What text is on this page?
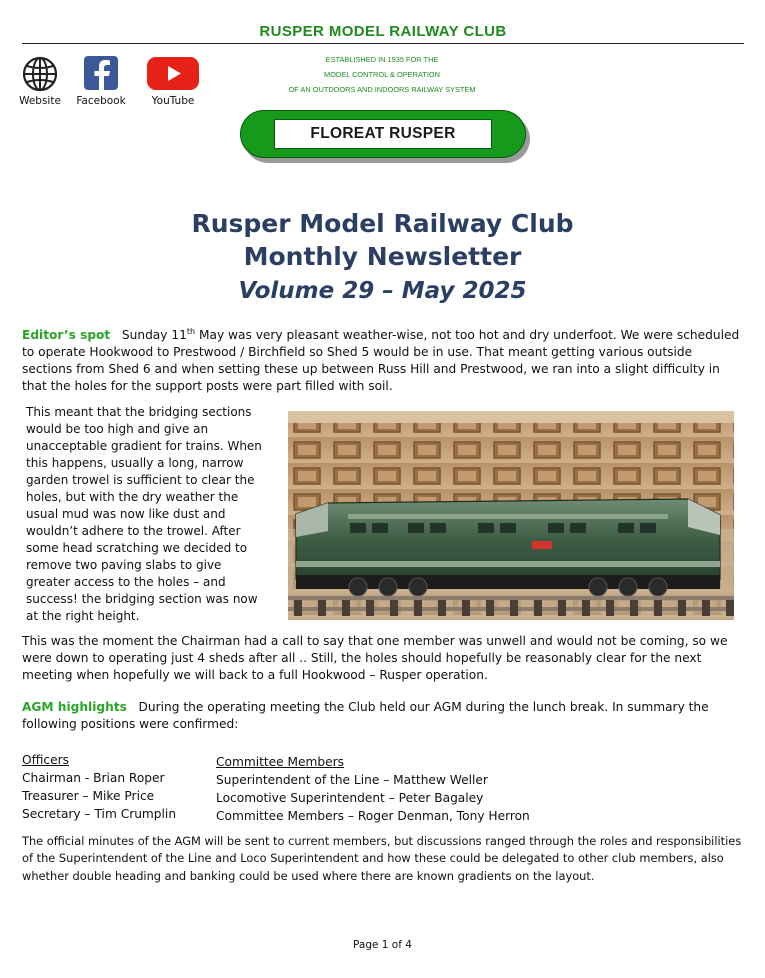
RUSPER MODEL RAILWAY CLUB
Website	Facebook	YouTube
ESTABLISHED IN 1935 FOR THE
MODEL CONTROL & OPERATION
OF AN OUTDOORS AND INDOORS RAILWAY SYSTEM
FLOREAT RUSPER
Rusper Model Railway Club
Monthly Newsletter
Volume 29 – May 2025
Editor’s spot Sunday 11th May was very pleasant weather-wise, not too hot and dry underfoot. We were scheduled to operate Hookwood to Prestwood / Birchfield so Shed 5 would be in use. That meant getting various outside sections from Shed 6 and when setting these up between Russ Hill and Prestwood, we ran into a slight difficulty in that the holes for the support posts were part filled with soil.
This meant that the bridging sections would be too high and give an unacceptable gradient for trains. When this happens, usually a long, narrow garden trowel is sufficient to clear the holes, but with the dry weather the usual mud was now like dust and wouldn’t adhere to the trowel. After some head scratching we decided to remove two paving slabs to give greater access to the holes – and success! the bridging section was now at the right height.
This was the moment the Chairman had a call to say that one member was unwell and would not be coming, so we were down to operating just 4 sheds after all .. Still, the holes should hopefully be reasonably clear for the next meeting when hopefully we will back to a full Hookwood – Rusper operation.
AGM highlights During the operating meeting the Club held our AGM during the lunch break. In summary the following positions were confirmed:
Officers
Chairman - Brian Roper
Treasurer – Mike Price
Secretary – Tim Crumplin
Committee Members
Superintendent of the Line – Matthew Weller
Locomotive Superintendent – Peter Bagaley
Committee Members – Roger Denman, Tony Herron
The official minutes of the AGM will be sent to current members, but discussions ranged through the roles and responsibilities of the Superintendent of the Line and Loco Superintendent and how these could be delegated to other club members, also whether double heading and banking could be used where there are known gradients on the layout.
Page 1 of 4
